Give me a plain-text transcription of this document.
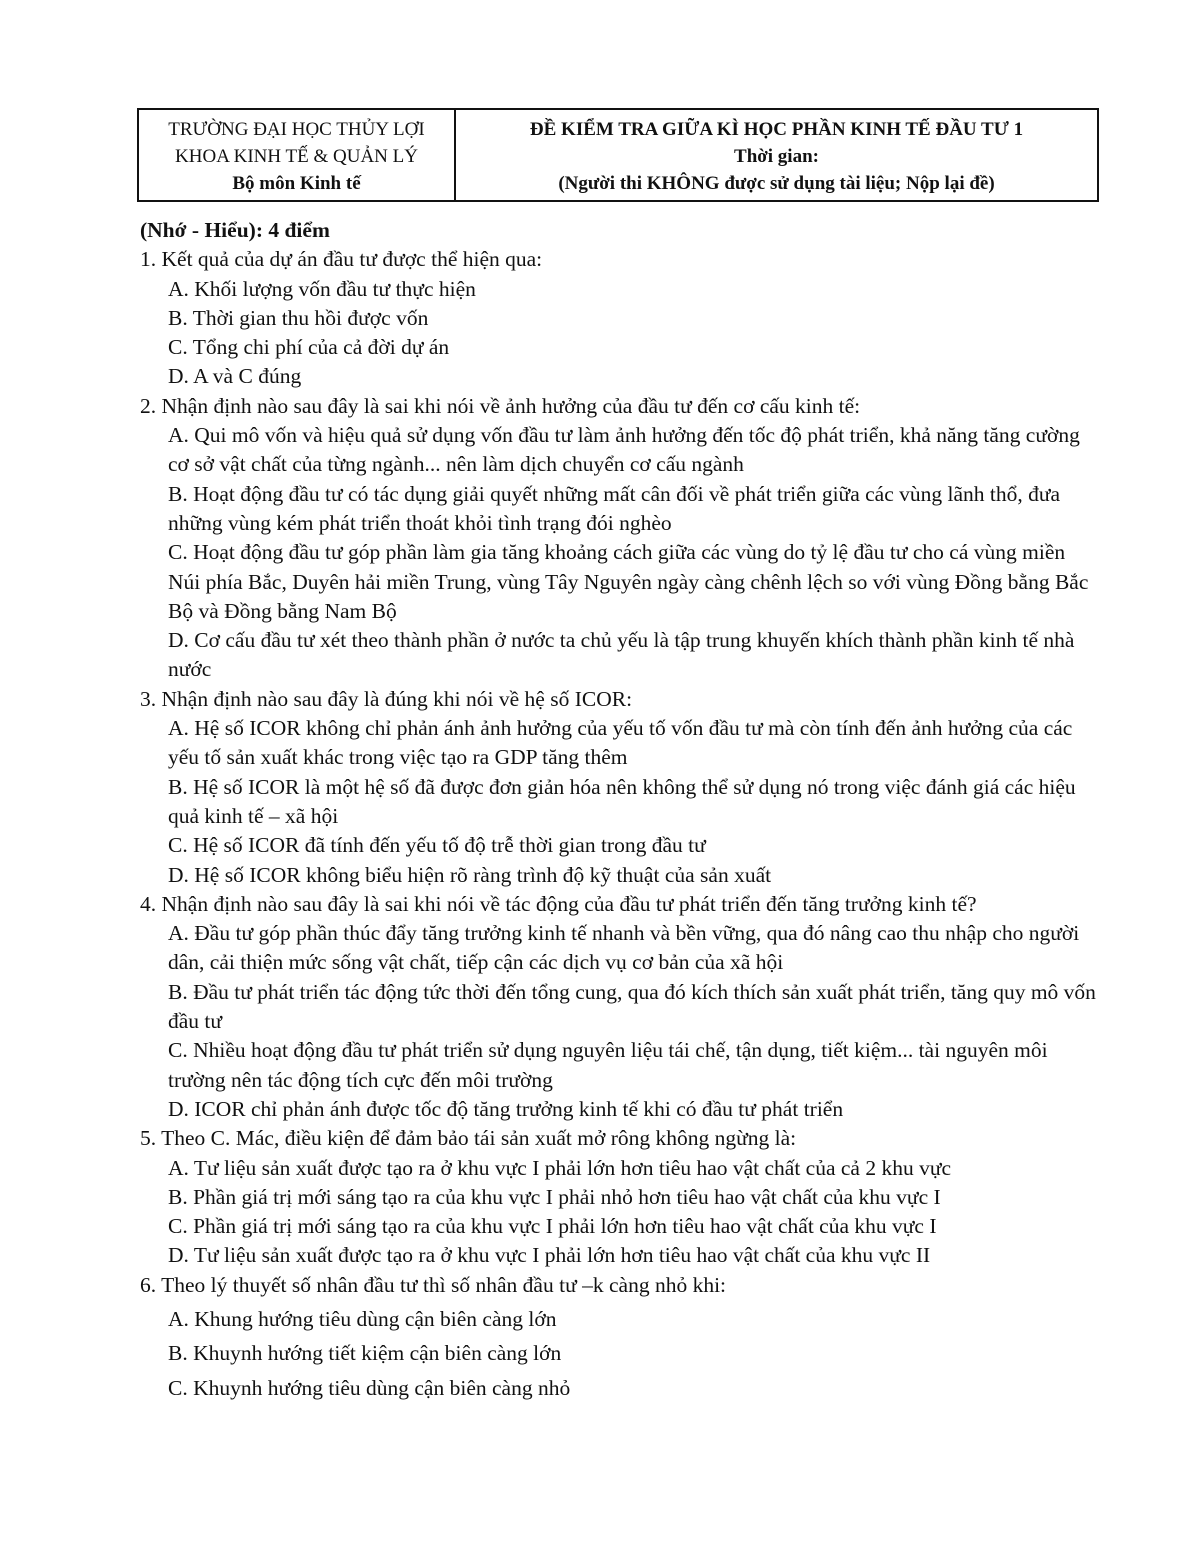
TRƯỜNG ĐẠI HỌC THỦY LỢI
KHOA KINH TẾ & QUẢN LÝ
Bộ môn Kinh tế
ĐỀ KIỂM TRA GIỮA KÌ HỌC PHẦN KINH TẾ ĐẦU TƯ 1
Thời gian:
(Người thi KHÔNG được sử dụng tài liệu; Nộp lại đề)

(Nhớ - Hiểu): 4 điểm

1. Kết quả của dự án đầu tư được thể hiện qua:

A. Khối lượng vốn đầu tư thực hiện

B. Thời gian thu hồi được vốn

C. Tổng chi phí của cả đời dự án

D. A và C đúng

2. Nhận định nào sau đây là sai khi nói về ảnh hưởng của đầu tư đến cơ cấu kinh tế:

A. Qui mô vốn và hiệu quả sử dụng vốn đầu tư làm ảnh hưởng đến tốc độ phát triển, khả năng tăng cường cơ sở vật chất của từng ngành... nên làm dịch chuyển cơ cấu ngành

B. Hoạt động đầu tư có tác dụng giải quyết những mất cân đối về phát triển giữa các vùng lãnh thổ, đưa những vùng kém phát triển thoát khỏi tình trạng đói nghèo

C. Hoạt động đầu tư góp phần làm gia tăng khoảng cách giữa các vùng do tỷ lệ đầu tư cho cá vùng miền Núi phía Bắc, Duyên hải miền Trung, vùng Tây Nguyên ngày càng chênh lệch so với vùng Đồng bằng Bắc Bộ và Đồng bằng Nam Bộ

D. Cơ cấu đầu tư xét theo thành phần ở nước ta chủ yếu là tập trung khuyến khích thành phần kinh tế nhà nước

3. Nhận định nào sau đây là đúng khi nói về hệ số ICOR:

A. Hệ số ICOR không chỉ phản ánh ảnh hưởng của yếu tố vốn đầu tư mà còn tính đến ảnh hưởng của các yếu tố sản xuất khác trong việc tạo ra GDP tăng thêm

B. Hệ số ICOR là một hệ số đã được đơn giản hóa nên không thể sử dụng nó trong việc đánh giá các hiệu quả kinh tế – xã hội

C. Hệ số ICOR đã tính đến yếu tố độ trễ thời gian trong đầu tư

D. Hệ số ICOR không biểu hiện rõ ràng trình độ kỹ thuật của sản xuất

4. Nhận định nào sau đây là sai khi nói về tác động của đầu tư phát triển đến tăng trưởng kinh tế?

A. Đầu tư góp phần thúc đẩy tăng trưởng kinh tế nhanh và bền vững, qua đó nâng cao thu nhập cho người dân, cải thiện mức sống vật chất, tiếp cận các dịch vụ cơ bản của xã hội

B. Đầu tư phát triển tác động tức thời đến tổng cung, qua đó kích thích sản xuất phát triển, tăng quy mô vốn đầu tư

C. Nhiều hoạt động đầu tư phát triển sử dụng nguyên liệu tái chế, tận dụng, tiết kiệm... tài nguyên môi trường nên tác động tích cực đến môi trường

D. ICOR chỉ phản ánh được tốc độ tăng trưởng kinh tế khi có đầu tư phát triển

5. Theo C. Mác, điều kiện để đảm bảo tái sản xuất mở rông không ngừng là:

A. Tư liệu sản xuất được tạo ra ở khu vực I phải lớn hơn tiêu hao vật chất của cả 2 khu vực

B. Phần giá trị mới sáng tạo ra của khu vực I phải nhỏ hơn tiêu hao vật chất của khu vực I

C. Phần giá trị mới sáng tạo ra của khu vực I phải lớn hơn tiêu hao vật chất của khu vực I

D. Tư liệu sản xuất được tạo ra ở khu vực I phải lớn hơn tiêu hao vật chất của khu vực II

6. Theo lý thuyết số nhân đầu tư thì số nhân đầu tư –k càng nhỏ khi:

A. Khung hướng tiêu dùng cận biên càng lớn

B. Khuynh hướng tiết kiệm cận biên càng lớn

C. Khuynh hướng tiêu dùng cận biên càng nhỏ
